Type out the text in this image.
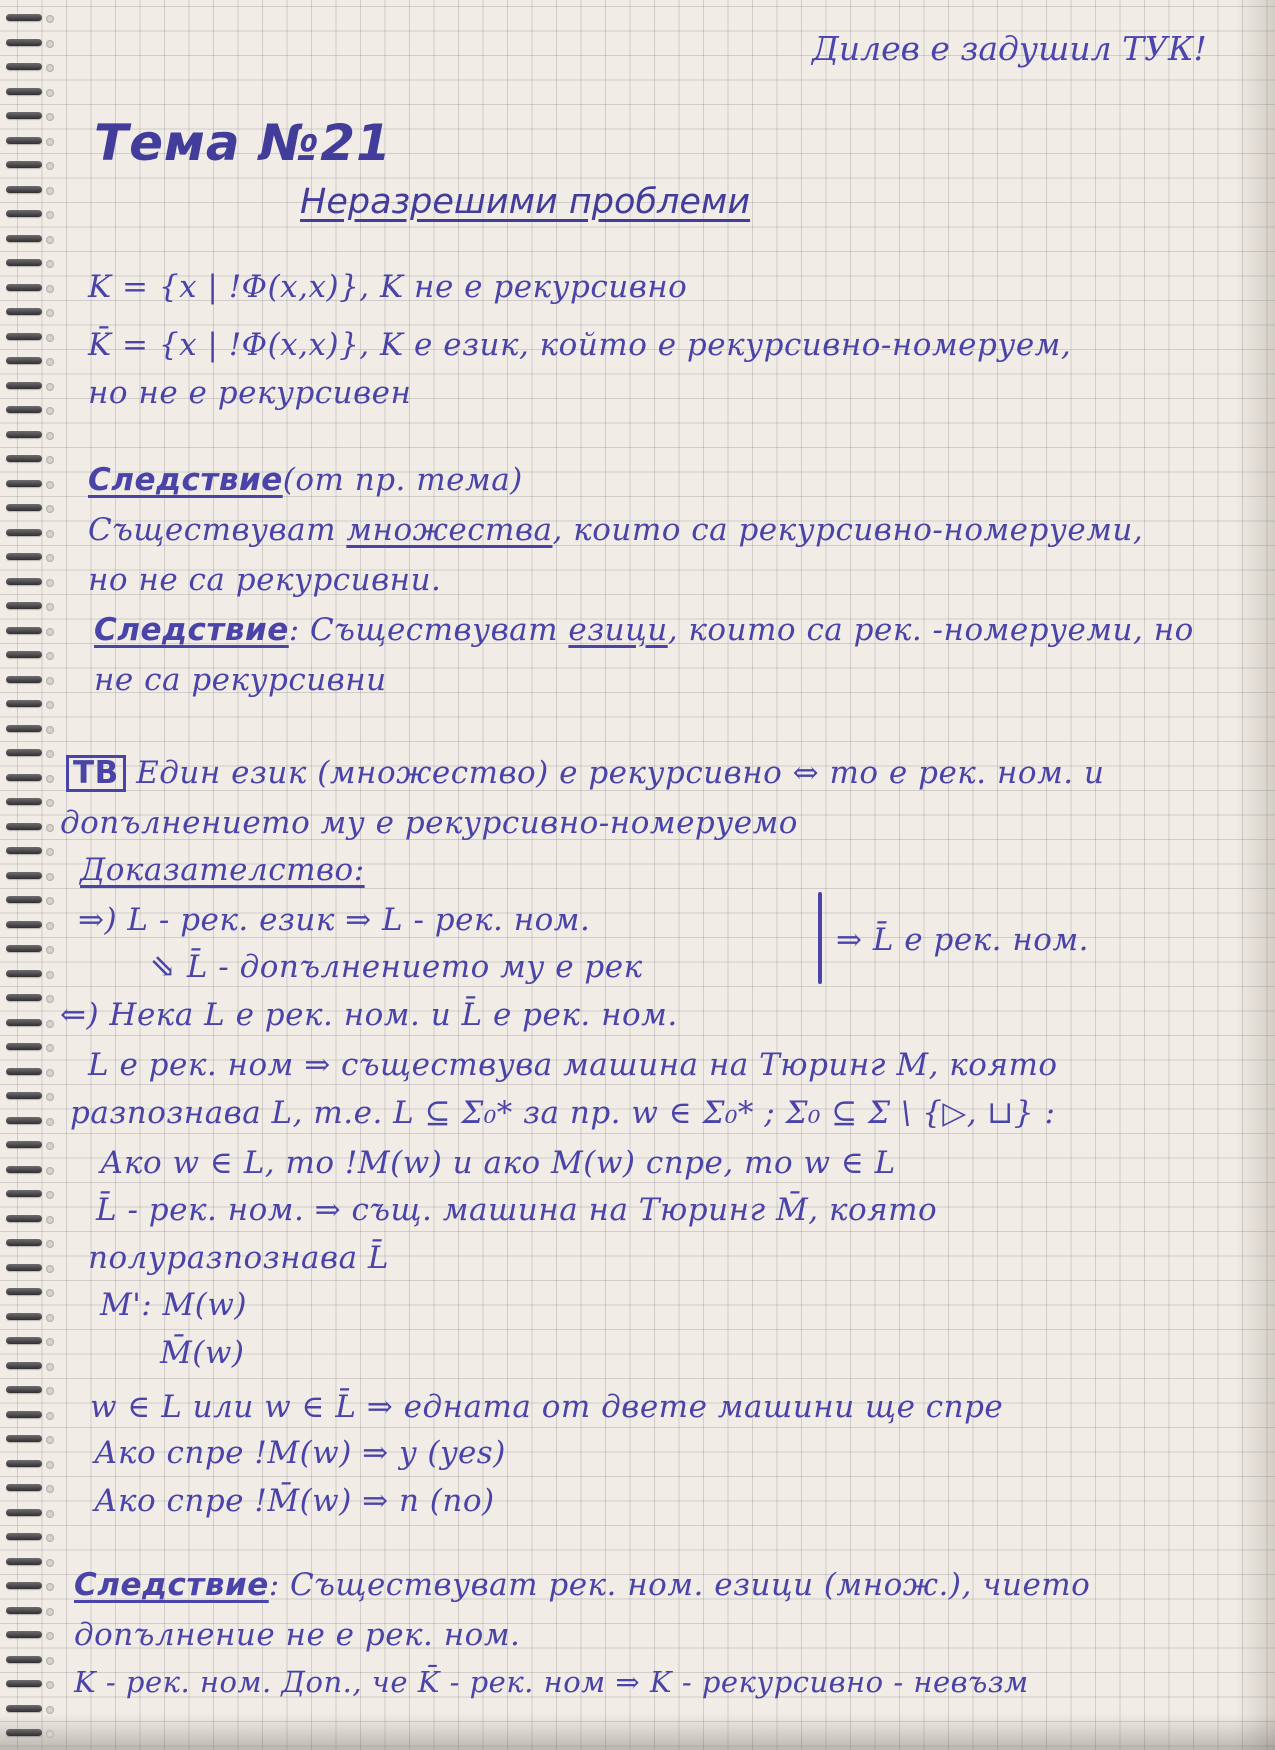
Дилев е задушил ТУК!
Тема №21
Неразрешими проблеми
K = {x | !Φ(x,x)}, K не е рекурсивно
K̄ = {x | !Φ(x,x)}, K е език, който е рекурсивно-номеруем,
но не е рекурсивен
Следствие(от пр. тема)
Съществуват множества, които са рекурсивно-номеруеми,
но не са рекурсивни.
Следствие: Съществуват езици, които са рек. -номеруеми, но
не са рекурсивни
ТВ Един език (множество) е рекурсивно ⇔ то е рек. ном. и
допълнението му е рекурсивно-номеруемо
Доказателство:
⇒) L - рек. език ⇒ L - рек. ном.
⇘ L̄ - допълнението му е рек
⇒ L̄ е рек. ном.
⇐) Нека L е рек. ном. и L̄ е рек. ном.
L е рек. ном ⇒ съществува машина на Тюринг M, която
разпознава L, т.е. L ⊆ Σ₀* за пр. w ∈ Σ₀* ; Σ₀ ⊆ Σ \ {▷, ⊔} :
Ако w ∈ L, то !M(w) и ако M(w) спре, то w ∈ L
L̄ - рек. ном. ⇒ същ. машина на Тюринг M̄, която
полуразпознава L̄
M': M(w)
M̄(w)
w ∈ L или w ∈ L̄ ⇒ едната от двете машини ще спре
Ако спре !M(w) ⇒ y (yes)
Ако спре !M̄(w) ⇒ n (no)
Следствие: Съществуват рек. ном. езици (множ.), чието
допълнение не е рек. ном.
K - рек. ном. Доп., че K̄ - рек. ном ⇒ K - рекурсивно - невъзм
